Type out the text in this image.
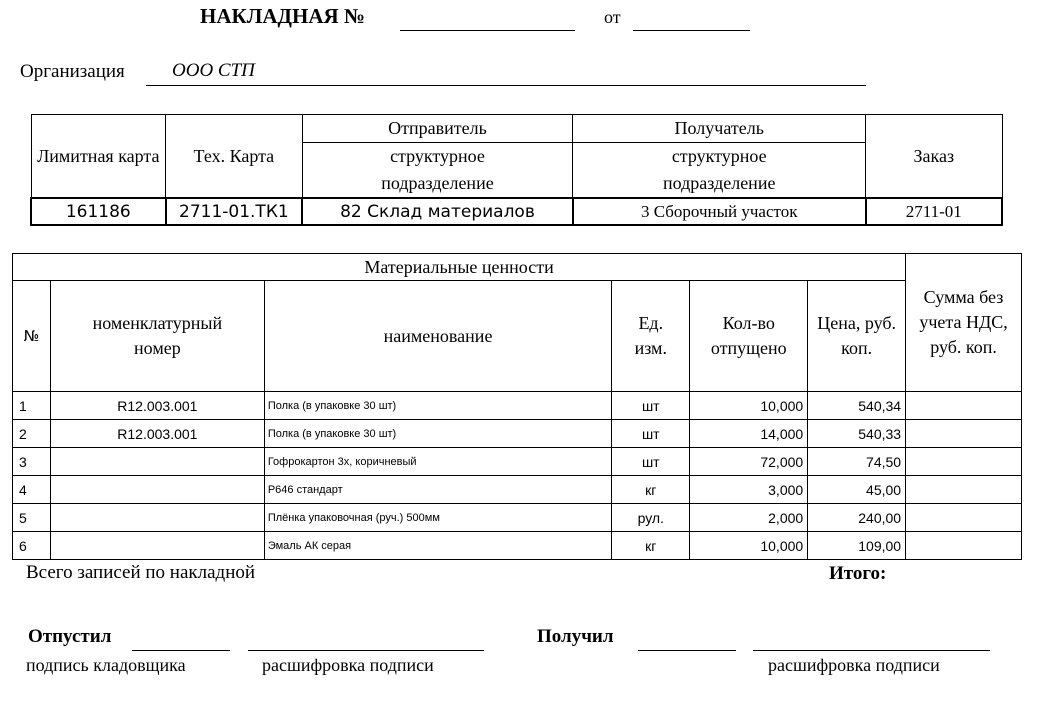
НАКЛАДНАЯ №	от
Организация ООО СТП
Лимитная карта	Тех. Карта	Отправитель	Получатель	Заказ
		структурное подразделение	структурное подразделение	
161186	2711-01.ТК1	82 Склад материалов	3 Сборочный участок	2711-01
Материальные ценности						Сумма без учета НДС, руб. коп.
№	номенклатурный номер	наименование	Ед. изм.	Кол-во отпущено	Цена, руб. коп.	
1	R12.003.001	Полка (в упаковке 30 шт)	шт	10,000	540,34	
2	R12.003.001	Полка (в упаковке 30 шт)	шт	14,000	540,33	
3		Гофрокартон 3х, коричневый	шт	72,000	74,50	
4		Р646 стандарт	кг	3,000	45,00	
5		Плёнка упаковочная (руч.) 500мм	рул.	2,000	240,00	
6		Эмаль АК серая	кг	10,000	109,00	
Всего записей по накладной	Итого:
Отпустил
подпись кладовщика	расшифровка подписи
Получил
расшифровка подписи
